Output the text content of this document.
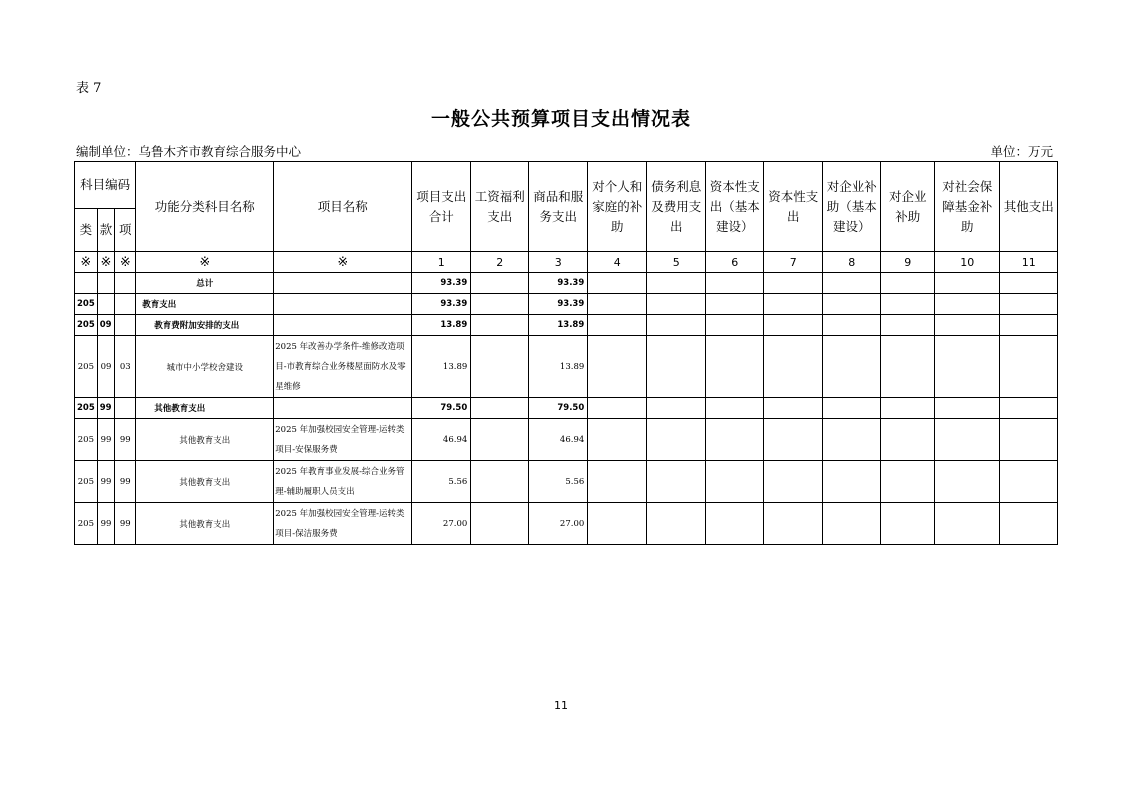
表 7
一般公共预算项目支出情况表
编制单位：乌鲁木齐市教育综合服务中心	单位：万元
科目编码			功能分类科目名称	项目名称	项目支出合计	工资福利支出	商品和服务支出	对个人和家庭的补助	债务利息及费用支出	资本性支出（基本建设）	资本性支出	对企业补助（基本建设）	对企业补助	对社会保障基金补助	其他支出
类	款	项													
※	※	※	※	※	1	2	3	4	5	6	7	8	9	10	11
			总计		93.39		93.39								
205			教育支出		93.39		93.39								
205	09		教育费附加安排的支出		13.89		13.89								
205	09	03	城市中小学校舍建设	2025 年改善办学条件-维修改造项目-市教育综合业务楼屋面防水及零星维修	13.89		13.89								
205	99		其他教育支出		79.50		79.50								
205	99	99	其他教育支出	2025 年加强校园安全管理-运转类项目-安保服务费	46.94		46.94								
205	99	99	其他教育支出	2025 年教育事业发展-综合业务管理-辅助履职人员支出	5.56		5.56								
205	99	99	其他教育支出	2025 年加强校园安全管理-运转类项目-保洁服务费	27.00		27.00								
11
